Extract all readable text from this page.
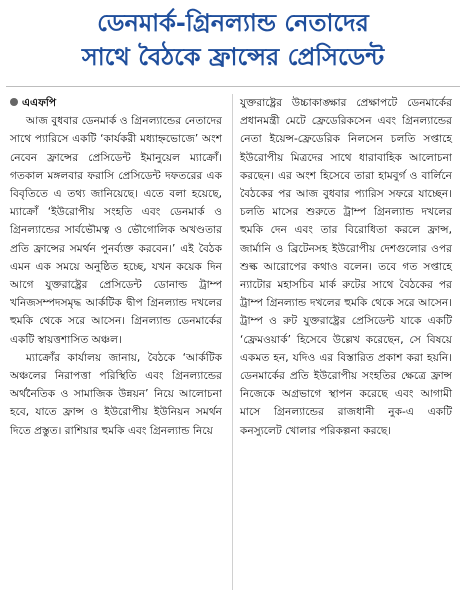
ডেনমার্ক-গ্রিনল্যান্ড নেতাদের
সাথে বৈঠকে ফ্রান্সের প্রেসিডেন্ট
এএফপি

আজ বুধবার ডেনমার্ক ও গ্রিনল্যান্ডের নেতাদের সাথে প্যারিসে একটি ‘কার্যকরী মধ্যাহ্নভোজে’ অংশ নেবেন ফ্রান্সের প্রেসিডেন্ট ইমানুয়েল ম্যাক্রোঁ। গতকাল মঙ্গলবার ফরাসি প্রেসিডেন্ট দফতরের এক বিবৃতিতে এ তথ্য জানিয়েছে। এতে বলা হয়েছে, ম্যাক্রোঁ ‘ইউরোপীয় সংহতি এবং ডেনমার্ক ও গ্রিনল্যান্ডের সার্বভৌমত্ব ও ভৌগোলিক অখণ্ডতার প্রতি ফ্রান্সের সমর্থন পুনর্ব্যক্ত করবেন।’ এই বৈঠক এমন এক সময়ে অনুষ্ঠিত হচ্ছে, যখন কয়েক দিন আগে যুক্তরাষ্ট্রের প্রেসিডেন্ট ডোনাল্ড ট্রাম্প খনিজসম্পদসমৃদ্ধ আর্কটিক দ্বীপ গ্রিনল্যান্ড দখলের হুমকি থেকে সরে আসেন। গ্রিনল্যান্ড ডেনমার্কের একটি স্বায়ত্তশাসিত অঞ্চল।

ম্যাক্রোঁর কার্যালয় জানায়, বৈঠকে ‘আর্কটিক অঞ্চলের নিরাপত্তা পরিস্থিতি এবং গ্রিনল্যান্ডের অর্থনৈতিক ও সামাজিক উন্নয়ন’ নিয়ে আলোচনা হবে, যাতে ফ্রান্স ও ইউরোপীয় ইউনিয়ন সমর্থন দিতে প্রস্তুত। রাশিয়ার হুমকি এবং গ্রিনল্যান্ড নিয়ে

যুক্তরাষ্ট্রের উচ্চাকাঙ্ক্ষার প্রেক্ষাপটে ডেনমার্কের প্রধানমন্ত্রী মেটে ফ্রেডেরিকসেন এবং গ্রিনল্যান্ডের নেতা ইয়েন্স-ফ্রেডেরিক নিলসেন চলতি সপ্তাহে ইউরোপীয় মিত্রদের সাথে ধারাবাহিক আলোচনা করছেন। এর অংশ হিসেবে তারা হামবুর্গ ও বার্লিনে বৈঠকের পর আজ বুধবার প্যারিস সফরে যাচ্ছেন। চলতি মাসের শুরুতে ট্রাম্প গ্রিনল্যান্ড দখলের হুমকি দেন এবং তার বিরোধিতা করলে ফ্রান্স, জার্মানি ও ব্রিটেনসহ ইউরোপীয় দেশগুলোর ওপর শুল্ক আরোপের কথাও বলেন। তবে গত সপ্তাহে ন্যাটোর মহাসচিব মার্ক রুটের সাথে বৈঠকের পর ট্রাম্প গ্রিনল্যান্ড দখলের হুমকি থেকে সরে আসেন। ট্রাম্প ও রুট যুক্তরাষ্ট্রের প্রেসিডেন্ট যাকে একটি ‘ফ্রেমওয়ার্ক’ হিসেবে উল্লেখ করেছেন, সে বিষয়ে একমত হন, যদিও এর বিস্তারিত প্রকাশ করা হয়নি। ডেনমার্কের প্রতি ইউরোপীয় সংহতির ক্ষেত্রে ফ্রান্স নিজেকে অগ্রভাগে স্থাপন করেছে এবং আগামী মাসে গ্রিনল্যান্ডের রাজধানী নুক-এ একটি কনস্যুলেট খোলার পরিকল্পনা করছে।
